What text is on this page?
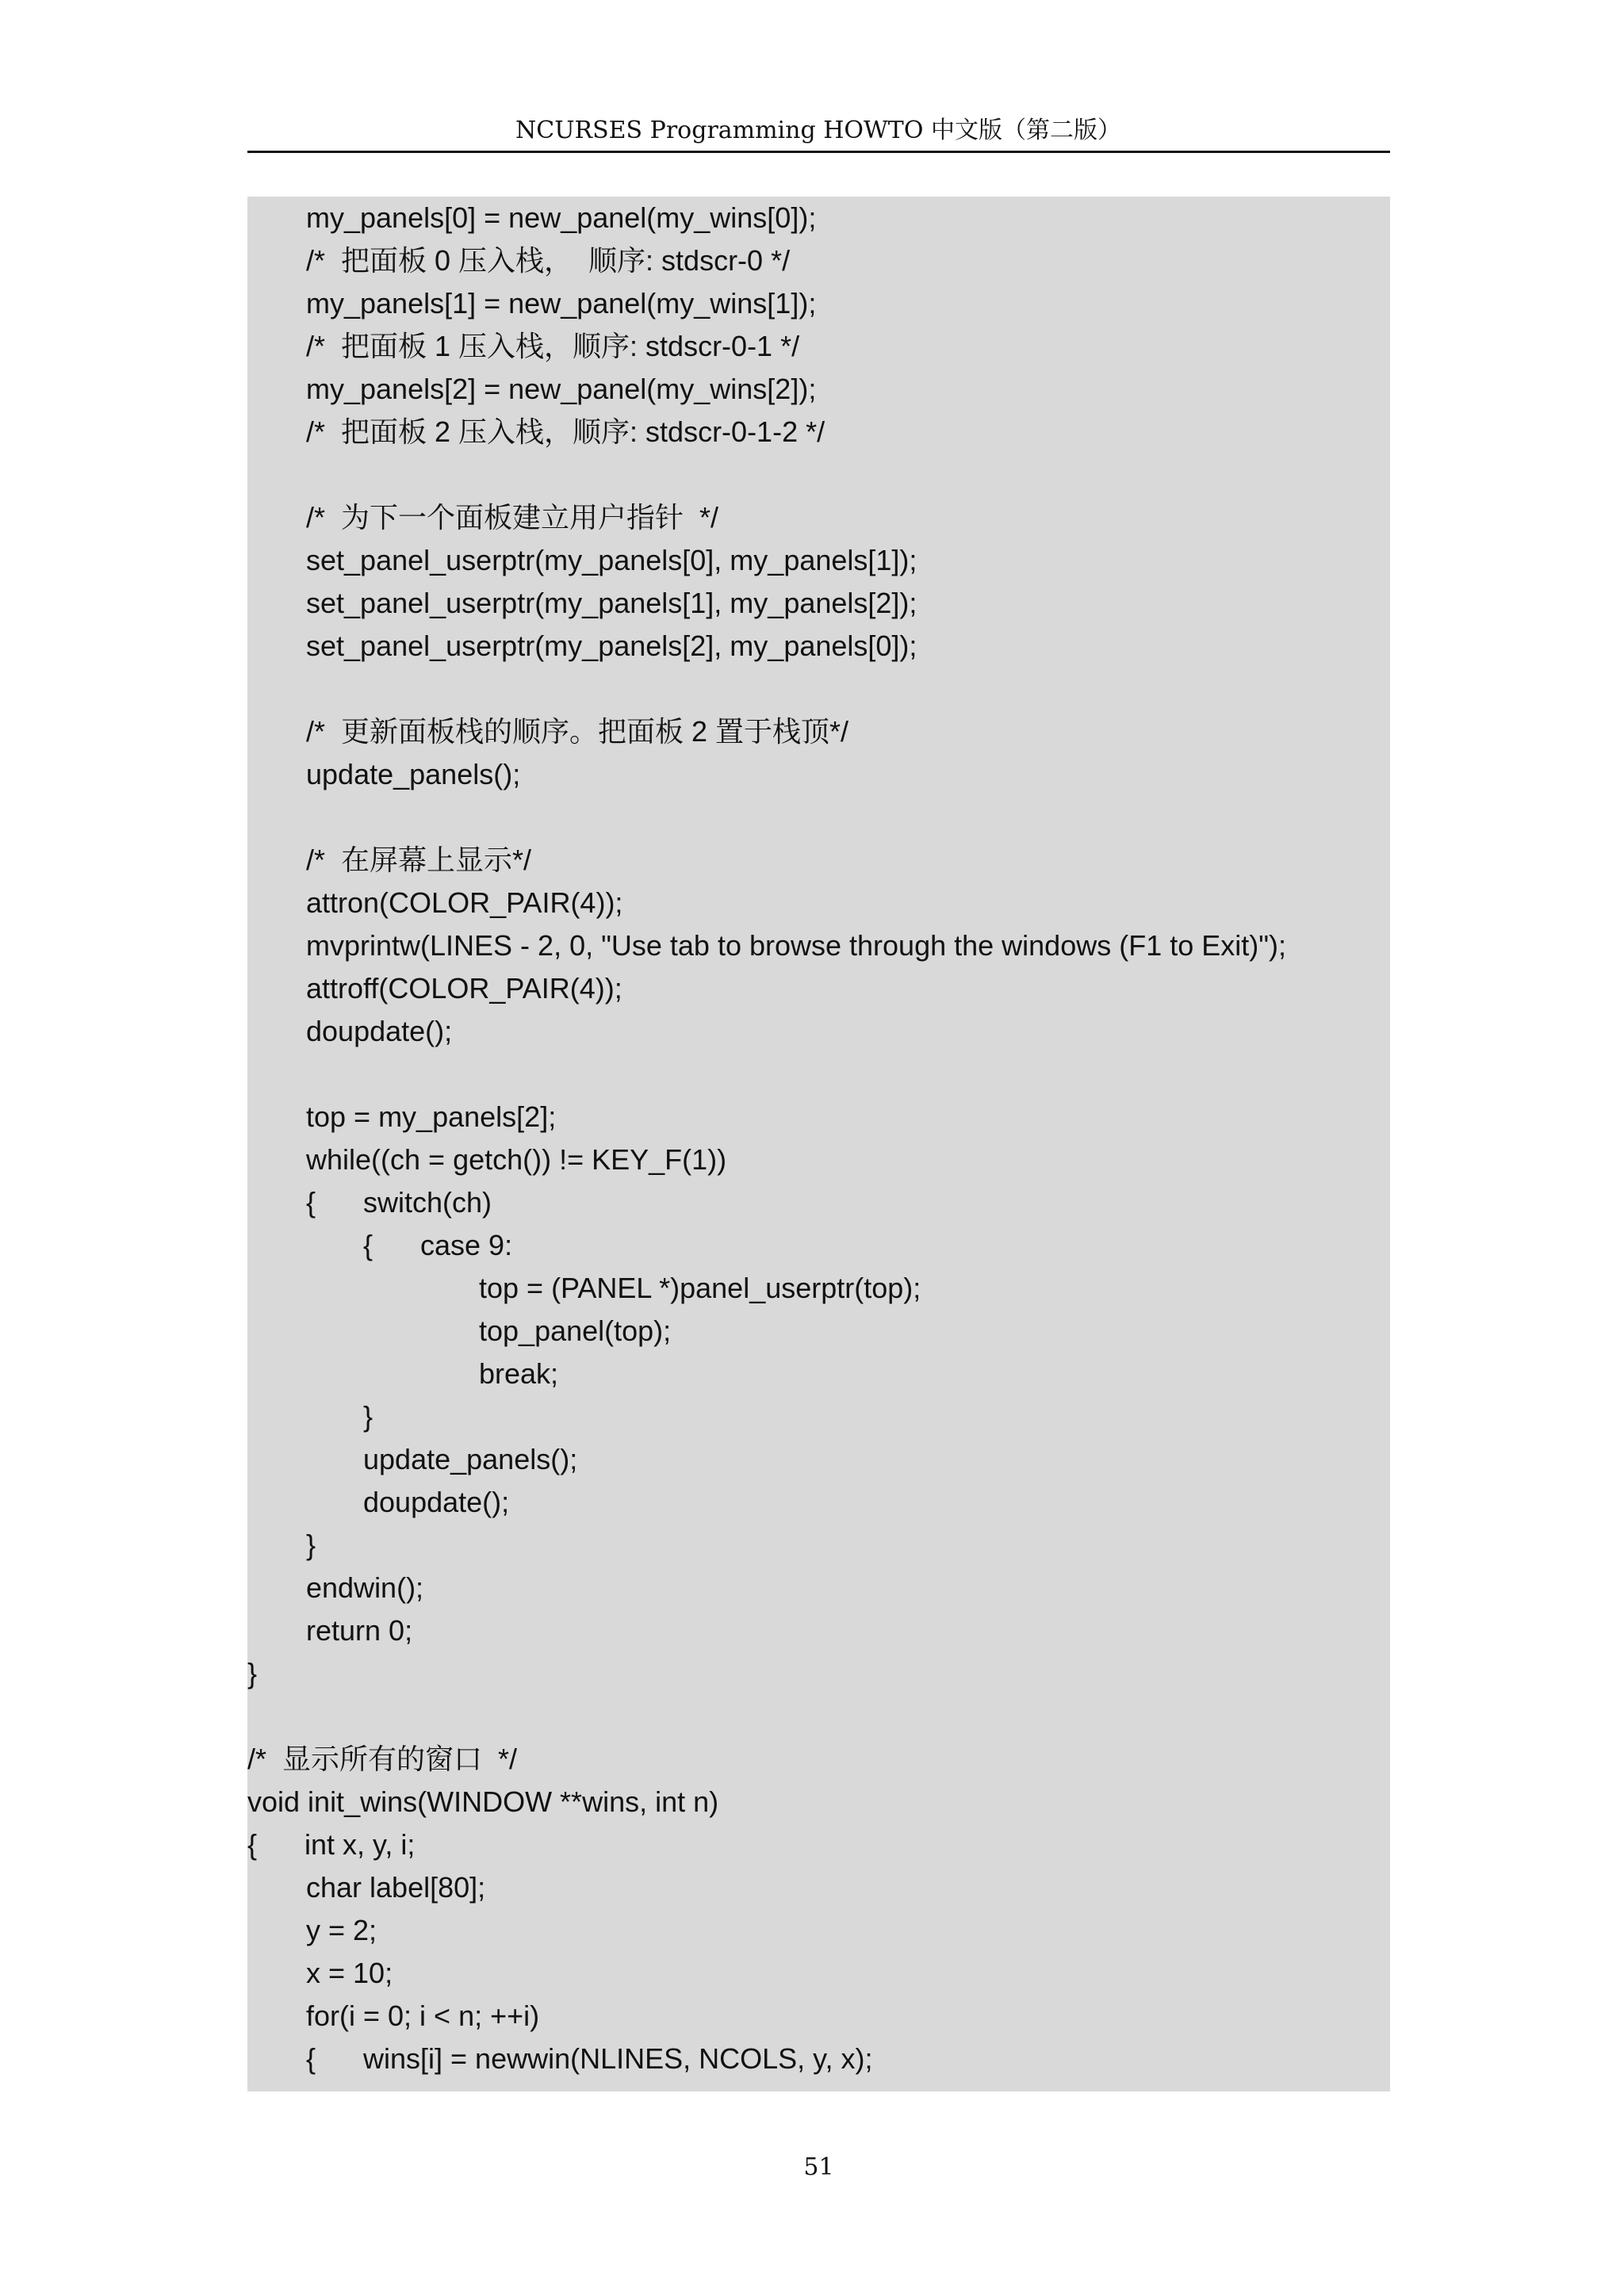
NCURSES Programming HOWTO 中文版（第二版）
my_panels[0] = new_panel(my_wins[0]);
/*  把面板 0 压入栈，  顺序: stdscr-0 */
my_panels[1] = new_panel(my_wins[1]);
/*  把面板 1 压入栈，顺序: stdscr-0-1 */
my_panels[2] = new_panel(my_wins[2]);
/*  把面板 2 压入栈，顺序: stdscr-0-1-2 */
/*  为下一个面板建立用户指针  */
set_panel_userptr(my_panels[0], my_panels[1]);
set_panel_userptr(my_panels[1], my_panels[2]);
set_panel_userptr(my_panels[2], my_panels[0]);
/*  更新面板栈的顺序。把面板 2 置于栈顶*/
update_panels();
/*  在屏幕上显示*/
attron(COLOR_PAIR(4));
mvprintw(LINES - 2, 0, "Use tab to browse through the windows (F1 to Exit)");
attroff(COLOR_PAIR(4));
doupdate();
top = my_panels[2];
while((ch = getch()) != KEY_F(1))
{ switch(ch)
{ case 9:
top = (PANEL *)panel_userptr(top);
top_panel(top);
break;
}
update_panels();
doupdate();
}
endwin();
return 0;
}
/*  显示所有的窗口  */
void init_wins(WINDOW **wins, int n)
{ int x, y, i;
char label[80];
y = 2;
x = 10;
for(i = 0; i < n; ++i)
{ wins[i] = newwin(NLINES, NCOLS, y, x);
51
